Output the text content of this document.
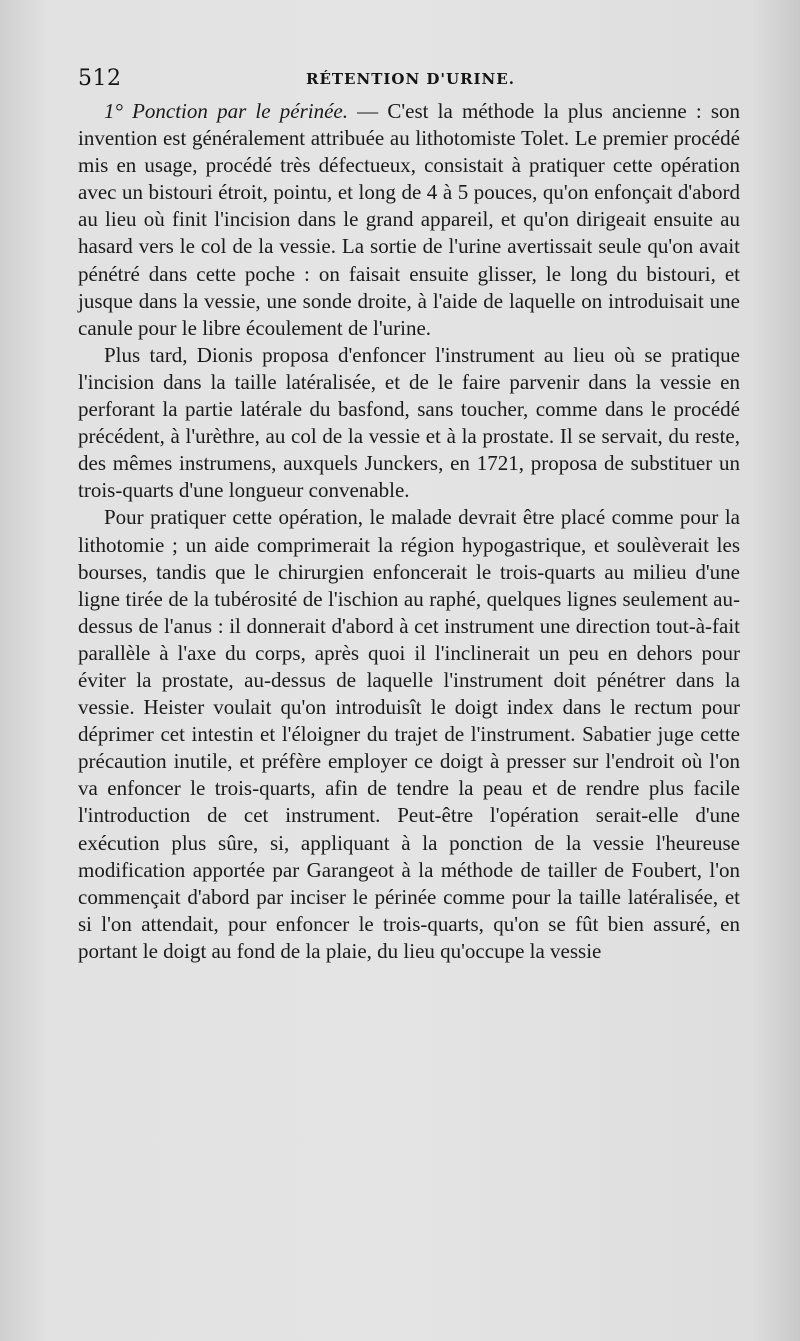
512	RÉTENTION D'URINE.

1° Ponction par le périnée. — C'est la méthode la plus ancienne : son invention est généralement attribuée au lithotomiste Tolet. Le premier procédé mis en usage, procédé très défectueux, consistait à pratiquer cette opération avec un bistouri étroit, pointu, et long de 4 à 5 pouces, qu'on enfonçait d'abord au lieu où finit l'incision dans le grand appareil, et qu'on dirigeait ensuite au hasard vers le col de la vessie. La sortie de l'urine avertissait seule qu'on avait pénétré dans cette poche : on faisait ensuite glisser, le long du bistouri, et jusque dans la vessie, une sonde droite, à l'aide de laquelle on introduisait une canule pour le libre écoulement de l'urine.

Plus tard, Dionis proposa d'enfoncer l'instrument au lieu où se pratique l'incision dans la taille latéralisée, et de le faire parvenir dans la vessie en perforant la partie latérale du basfond, sans toucher, comme dans le procédé précédent, à l'urèthre, au col de la vessie et à la prostate. Il se servait, du reste, des mêmes instrumens, auxquels Junckers, en 1721, proposa de substituer un trois-quarts d'une longueur convenable.

Pour pratiquer cette opération, le malade devrait être placé comme pour la lithotomie ; un aide comprimerait la région hypogastrique, et soulèverait les bourses, tandis que le chirurgien enfoncerait le trois-quarts au milieu d'une ligne tirée de la tubérosité de l'ischion au raphé, quelques lignes seulement au-dessus de l'anus : il donnerait d'abord à cet instrument une direction tout-à-fait parallèle à l'axe du corps, après quoi il l'inclinerait un peu en dehors pour éviter la prostate, au-dessus de laquelle l'instrument doit pénétrer dans la vessie. Heister voulait qu'on introduisît le doigt index dans le rectum pour déprimer cet intestin et l'éloigner du trajet de l'instrument. Sabatier juge cette précaution inutile, et préfère employer ce doigt à presser sur l'endroit où l'on va enfoncer le trois-quarts, afin de tendre la peau et de rendre plus facile l'introduction de cet instrument. Peut-être l'opération serait-elle d'une exécution plus sûre, si, appliquant à la ponction de la vessie l'heureuse modification apportée par Garangeot à la méthode de tailler de Foubert, l'on commençait d'abord par inciser le périnée comme pour la taille latéralisée, et si l'on attendait, pour enfoncer le trois-quarts, qu'on se fût bien assuré, en portant le doigt au fond de la plaie, du lieu qu'occupe la vessie
